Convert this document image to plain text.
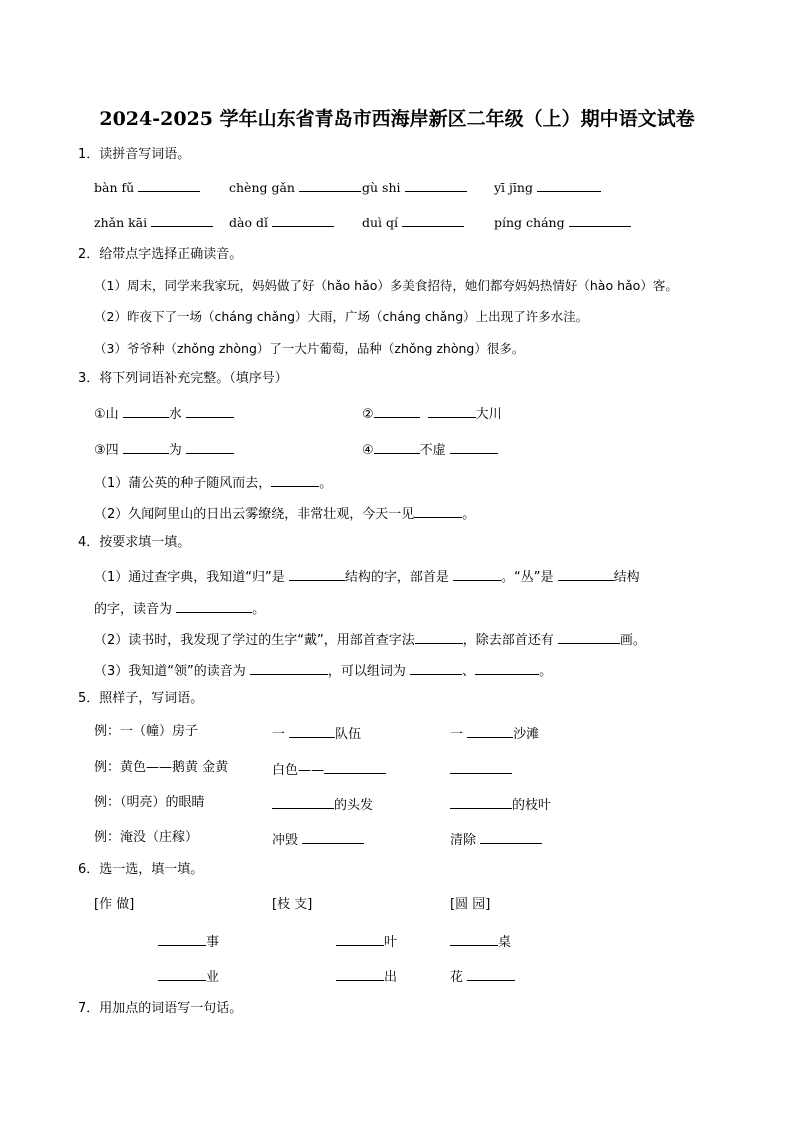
2024-2025 学年山东省青岛市西海岸新区二年级（上）期中语文试卷
1．读拼音写词语。
bàn fǔ	chèng gǎn	gù shi	yī jīng
zhǎn kāi	dào dǐ	duì qí	píng cháng
2．给带点字选择正确读音。
（1）周末，同学来我家玩，妈妈做了好（hǎo hǎo）多美食招待，她们都夸妈妈热情好（hào hǎo）客。
（2）昨夜下了一场（cháng chǎng）大雨，广场（cháng chǎng）上出现了许多水洼。
（3）爷爷种（zhǒng zhòng）了一大片葡萄，品种（zhǒng zhòng）很多。
3．将下列词语补充完整。（填序号）
①山	水	②	大川
③四	为	④	不虚
（1）蒲公英的种子随风而去，	。
（2）久闻阿里山的日出云雾缭绕，非常壮观，今天一见	。
4．按要求填一填。
（1）通过查字典，我知道“归”是	结构的字，部首是	。“丛”是	结构
的字，读音为	。
（2）读书时，我发现了学过的生字“戴”，用部首查字法	，除去部首还有	画。
（3）我知道“领”的读音为	，可以组词为	、	。
5．照样子，写词语。
例：一（幢）房子	一	队伍	一	沙滩
例：黄色——鹅黄 金黄	白色——
例：（明亮）的眼睛	的头发	的枝叶
例：淹没（庄稼）	冲毁	清除
6．选一选，填一填。
[作 做]	[枝 支]	[圆 园]
事	叶	桌
业	出	花
7．用加点的词语写一句话。
